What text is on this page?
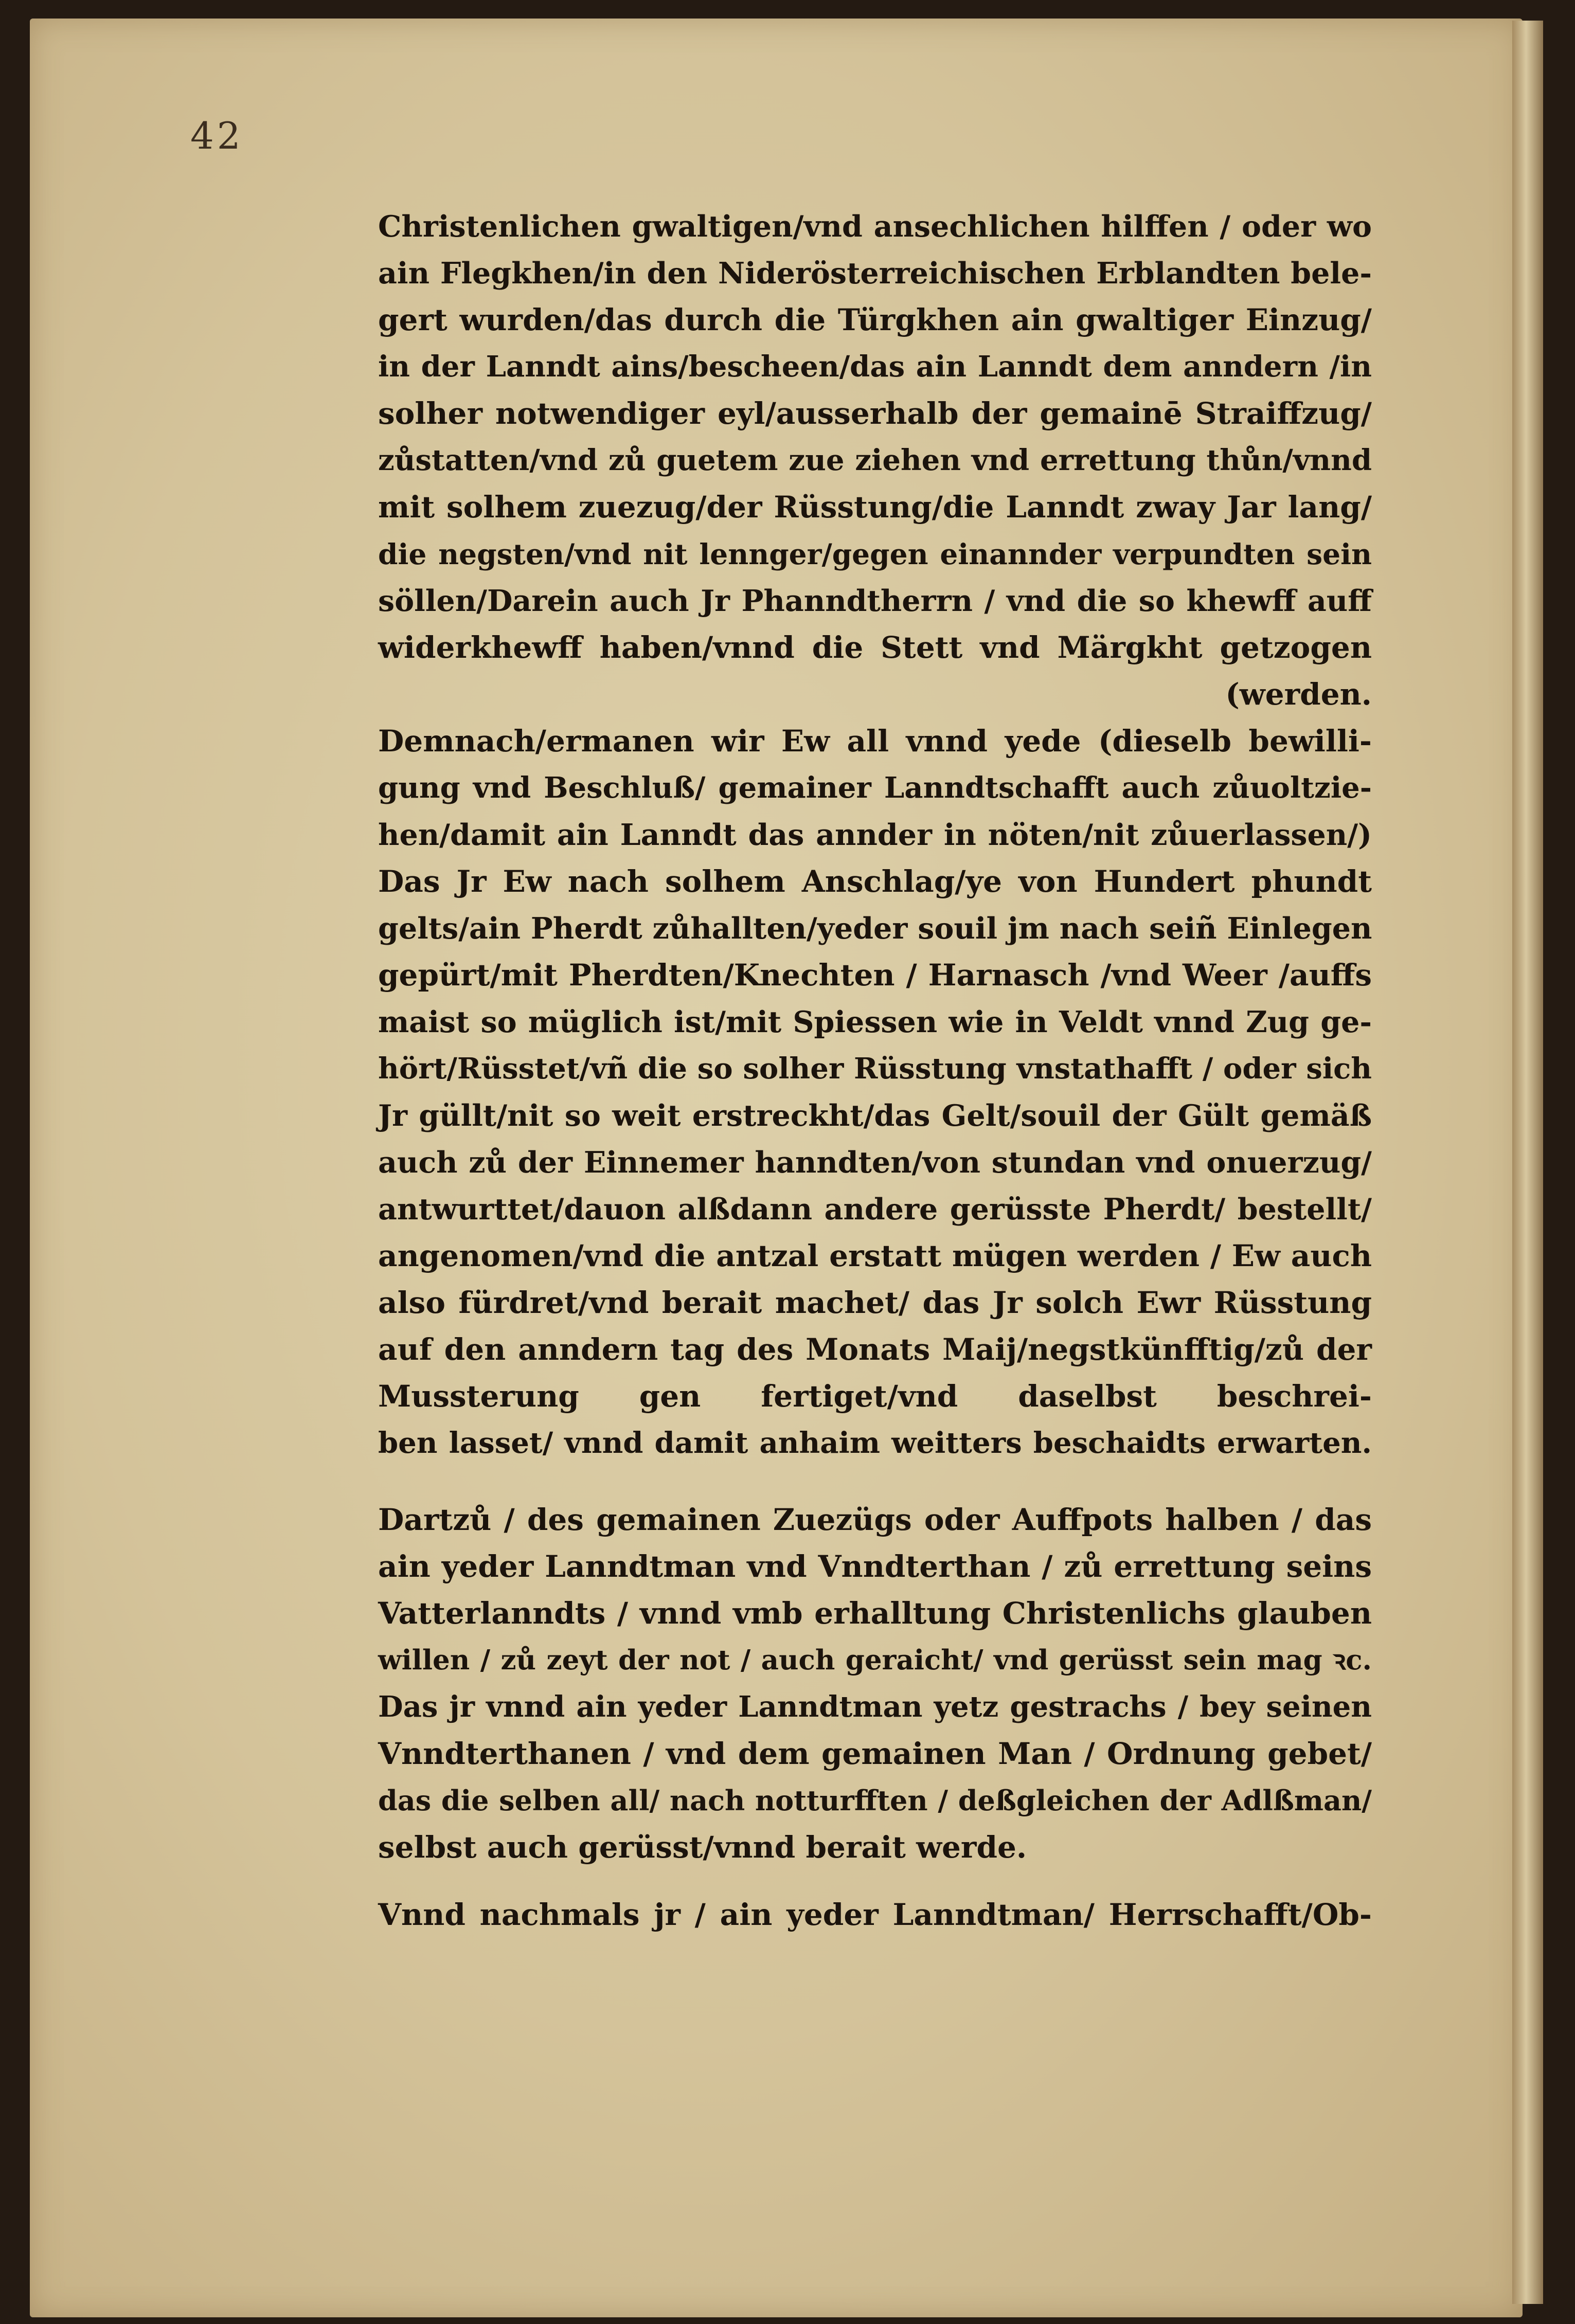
42
Christenlichen gwaltigen/vnd ansechlichen hilffen / oder wo
ain Flegkhen/in den Niderösterreichischen Erblandten bele-
gert wurden/das durch die Türgkhen ain gwaltiger Einzug/
in der Lanndt ains/bescheen/das ain Lanndt dem anndern /in
solher notwendiger eyl/ausserhalb der gemainē Straiffzug/
zůstatten/vnd zů guetem zue ziehen vnd errettung thůn/vnnd
mit solhem zuezug/der Rüsstung/die Lanndt zway Jar lang/
die negsten/vnd nit lennger/gegen einannder verpundten sein
söllen/Darein auch Jr Phanndtherrn / vnd die so khewff auff
widerkhewff haben/vnnd die Stett vnd Märgkht getzogen
(werden.
Demnach/ermanen wir Ew all vnnd yede (dieselb bewilli-
gung vnd Beschluß/ gemainer Lanndtschafft auch zůuoltzie-
hen/damit ain Lanndt das annder in nöten/nit zůuerlassen/)
Das Jr Ew nach solhem Anschlag/ye von Hundert phundt
gelts/ain Pherdt zůhallten/yeder souil jm nach seiñ Einlegen
gepürt/mit Pherdten/Knechten / Harnasch /vnd Weer /auffs
maist so müglich ist/mit Spiessen wie in Veldt vnnd Zug ge-
hört/Rüsstet/vñ die so solher Rüsstung vnstathafft / oder sich
Jr güllt/nit so weit erstreckht/das Gelt/souil der Gült gemäß
auch zů der Einnemer hanndten/von stundan vnd onuerzug/
antwurttet/dauon alßdann andere gerüsste Pherdt/ bestellt/
angenomen/vnd die antzal erstatt mügen werden / Ew auch
also fürdret/vnd berait machet/ das Jr solch Ewr Rüsstung
auf den anndern tag des Monats Maij/negstkünfftig/zů der
Mussterung gen fertiget/vnd daselbst beschrei-
ben lasset/ vnnd damit anhaim weitters beschaidts erwarten.
Dartzů / des gemainen Zuezügs oder Auffpots halben / das
ain yeder Lanndtman vnd Vnndterthan / zů errettung seins
Vatterlanndts / vnnd vmb erhalltung Christenlichs glauben
willen / zů zeyt der not / auch geraicht/ vnd gerüsst sein mag ꝛc.
Das jr vnnd ain yeder Lanndtman yetz gestrachs / bey seinen
Vnndterthanen / vnd dem gemainen Man / Ordnung gebet/
das die selben all/ nach notturfften / deßgleichen der Adlßman/
selbst auch gerüsst/vnnd berait werde.
Vnnd nachmals jr / ain yeder Lanndtman/ Herrschafft/Ob-
